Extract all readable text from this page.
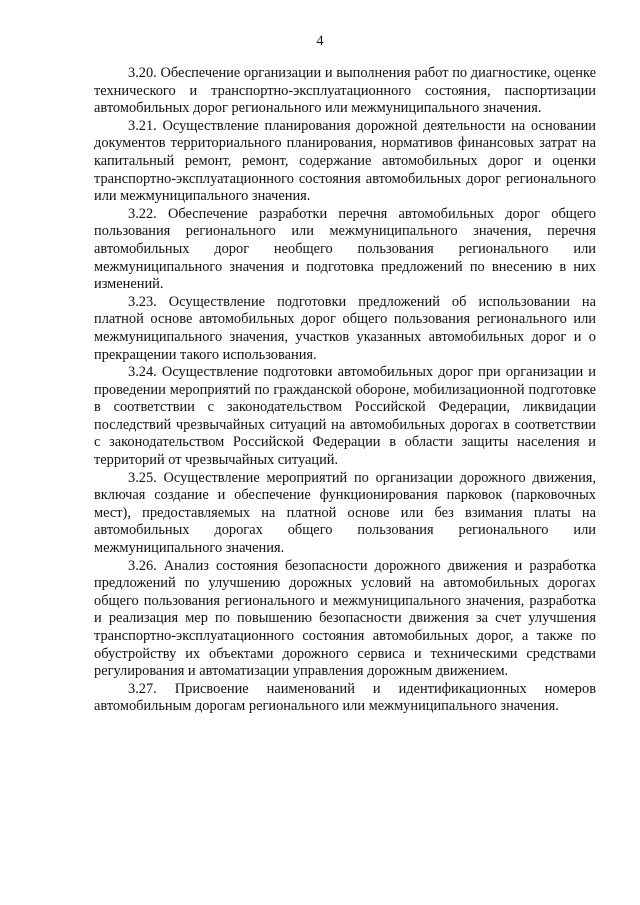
4

3.20. Обеспечение организации и выполнения работ по диагностике, оценке технического и транспортно-эксплуатационного состояния, паспортизации автомобильных дорог регионального или межмуниципального значения.

3.21. Осуществление планирования дорожной деятельности на основании документов территориального планирования, нормативов финансовых затрат на капитальный ремонт, ремонт, содержание автомобильных дорог и оценки транспортно-эксплуатационного состояния автомобильных дорог регионального или межмуниципального значения.

3.22. Обеспечение разработки перечня автомобильных дорог общего пользования регионального или межмуниципального значения, перечня автомобильных дорог необщего пользования регионального или межмуниципального значения и подготовка предложений по внесению в них изменений.

3.23. Осуществление подготовки предложений об использовании на платной основе автомобильных дорог общего пользования регионального или межмуниципального значения, участков указанных автомобильных дорог и о прекращении такого использования.

3.24. Осуществление подготовки автомобильных дорог при организации и проведении мероприятий по гражданской обороне, мобилизационной подготовке в соответствии с законодательством Российской Федерации, ликвидации последствий чрезвычайных ситуаций на автомобильных дорогах в соответствии с законодательством Российской Федерации в области защиты населения и территорий от чрезвычайных ситуаций.

3.25. Осуществление мероприятий по организации дорожного движения, включая создание и обеспечение функционирования парковок (парковочных мест), предоставляемых на платной основе или без взимания платы на автомобильных дорогах общего пользования регионального или межмуниципального значения.

3.26. Анализ состояния безопасности дорожного движения и разработка предложений по улучшению дорожных условий на автомобильных дорогах общего пользования регионального и межмуниципального значения, разработка и реализация мер по повышению безопасности движения за счет улучшения транспортно-эксплуатационного состояния автомобильных дорог, а также по обустройству их объектами дорожного сервиса и техническими средствами регулирования и автоматизации управления дорожным движением.

3.27. Присвоение наименований и идентификационных номеров автомобильным дорогам регионального или межмуниципального значения.
